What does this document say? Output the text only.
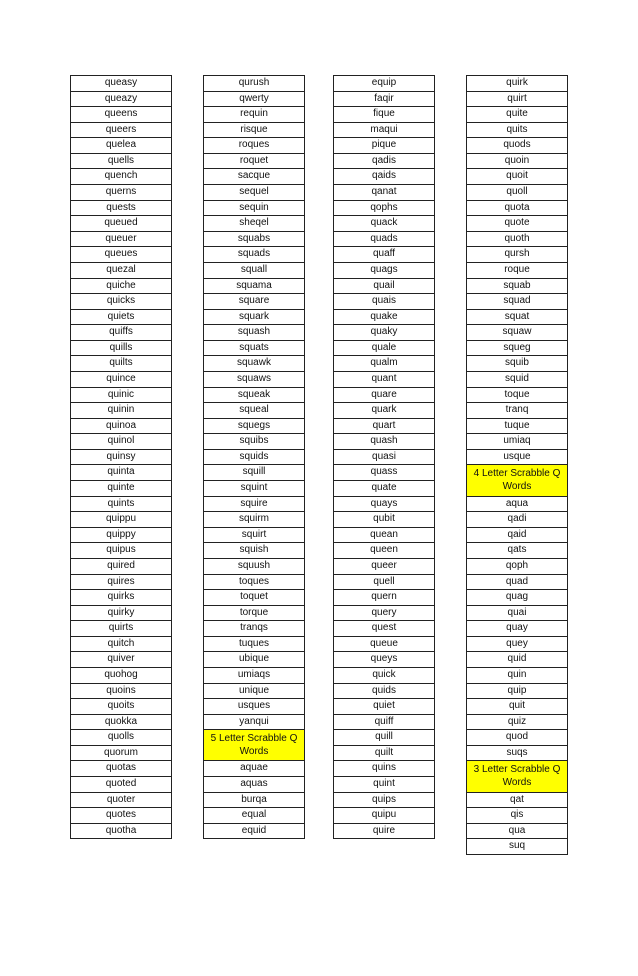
queasy
queazy
queens
queers
quelea
quells
quench
querns
quests
queued
queuer
queues
quezal
quiche
quicks
quiets
quiffs
quills
quilts
quince
quinic
quinin
quinoa
quinol
quinsy
quinta
quinte
quints
quippu
quippy
quipus
quired
quires
quirks
quirky
quirts
quitch
quiver
quohog
quoins
quoits
quokka
quolls
quorum
quotas
quoted
quoter
quotes
quotha
qurush
qwerty
requin
risque
roques
roquet
sacque
sequel
sequin
sheqel
squabs
squads
squall
squama
square
squark
squash
squats
squawk
squaws
squeak
squeal
squegs
squibs
squids
squill
squint
squire
squirm
squirt
squish
squush
toques
toquet
torque
tranqs
tuques
ubique
umiaqs
unique
usques
yanqui
5 Letter Scrabble Q Words
aquae
aquas
burqa
equal
equid
equip
faqir
fique
maqui
pique
qadis
qaids
qanat
qophs
quack
quads
quaff
quags
quail
quais
quake
quaky
quale
qualm
quant
quare
quark
quart
quash
quasi
quass
quate
quays
qubit
quean
queen
queer
quell
quern
query
quest
queue
queys
quick
quids
quiet
quiff
quill
quilt
quins
quint
quips
quipu
quire
quirk
quirt
quite
quits
quods
quoin
quoit
quoll
quota
quote
quoth
qursh
roque
squab
squad
squat
squaw
squeg
squib
squid
toque
tranq
tuque
umiaq
usque
4 Letter Scrabble Q Words
aqua
qadi
qaid
qats
qoph
quad
quag
quai
quay
quey
quid
quin
quip
quit
quiz
quod
suqs
3 Letter Scrabble Q Words
qat
qis
qua
suq
